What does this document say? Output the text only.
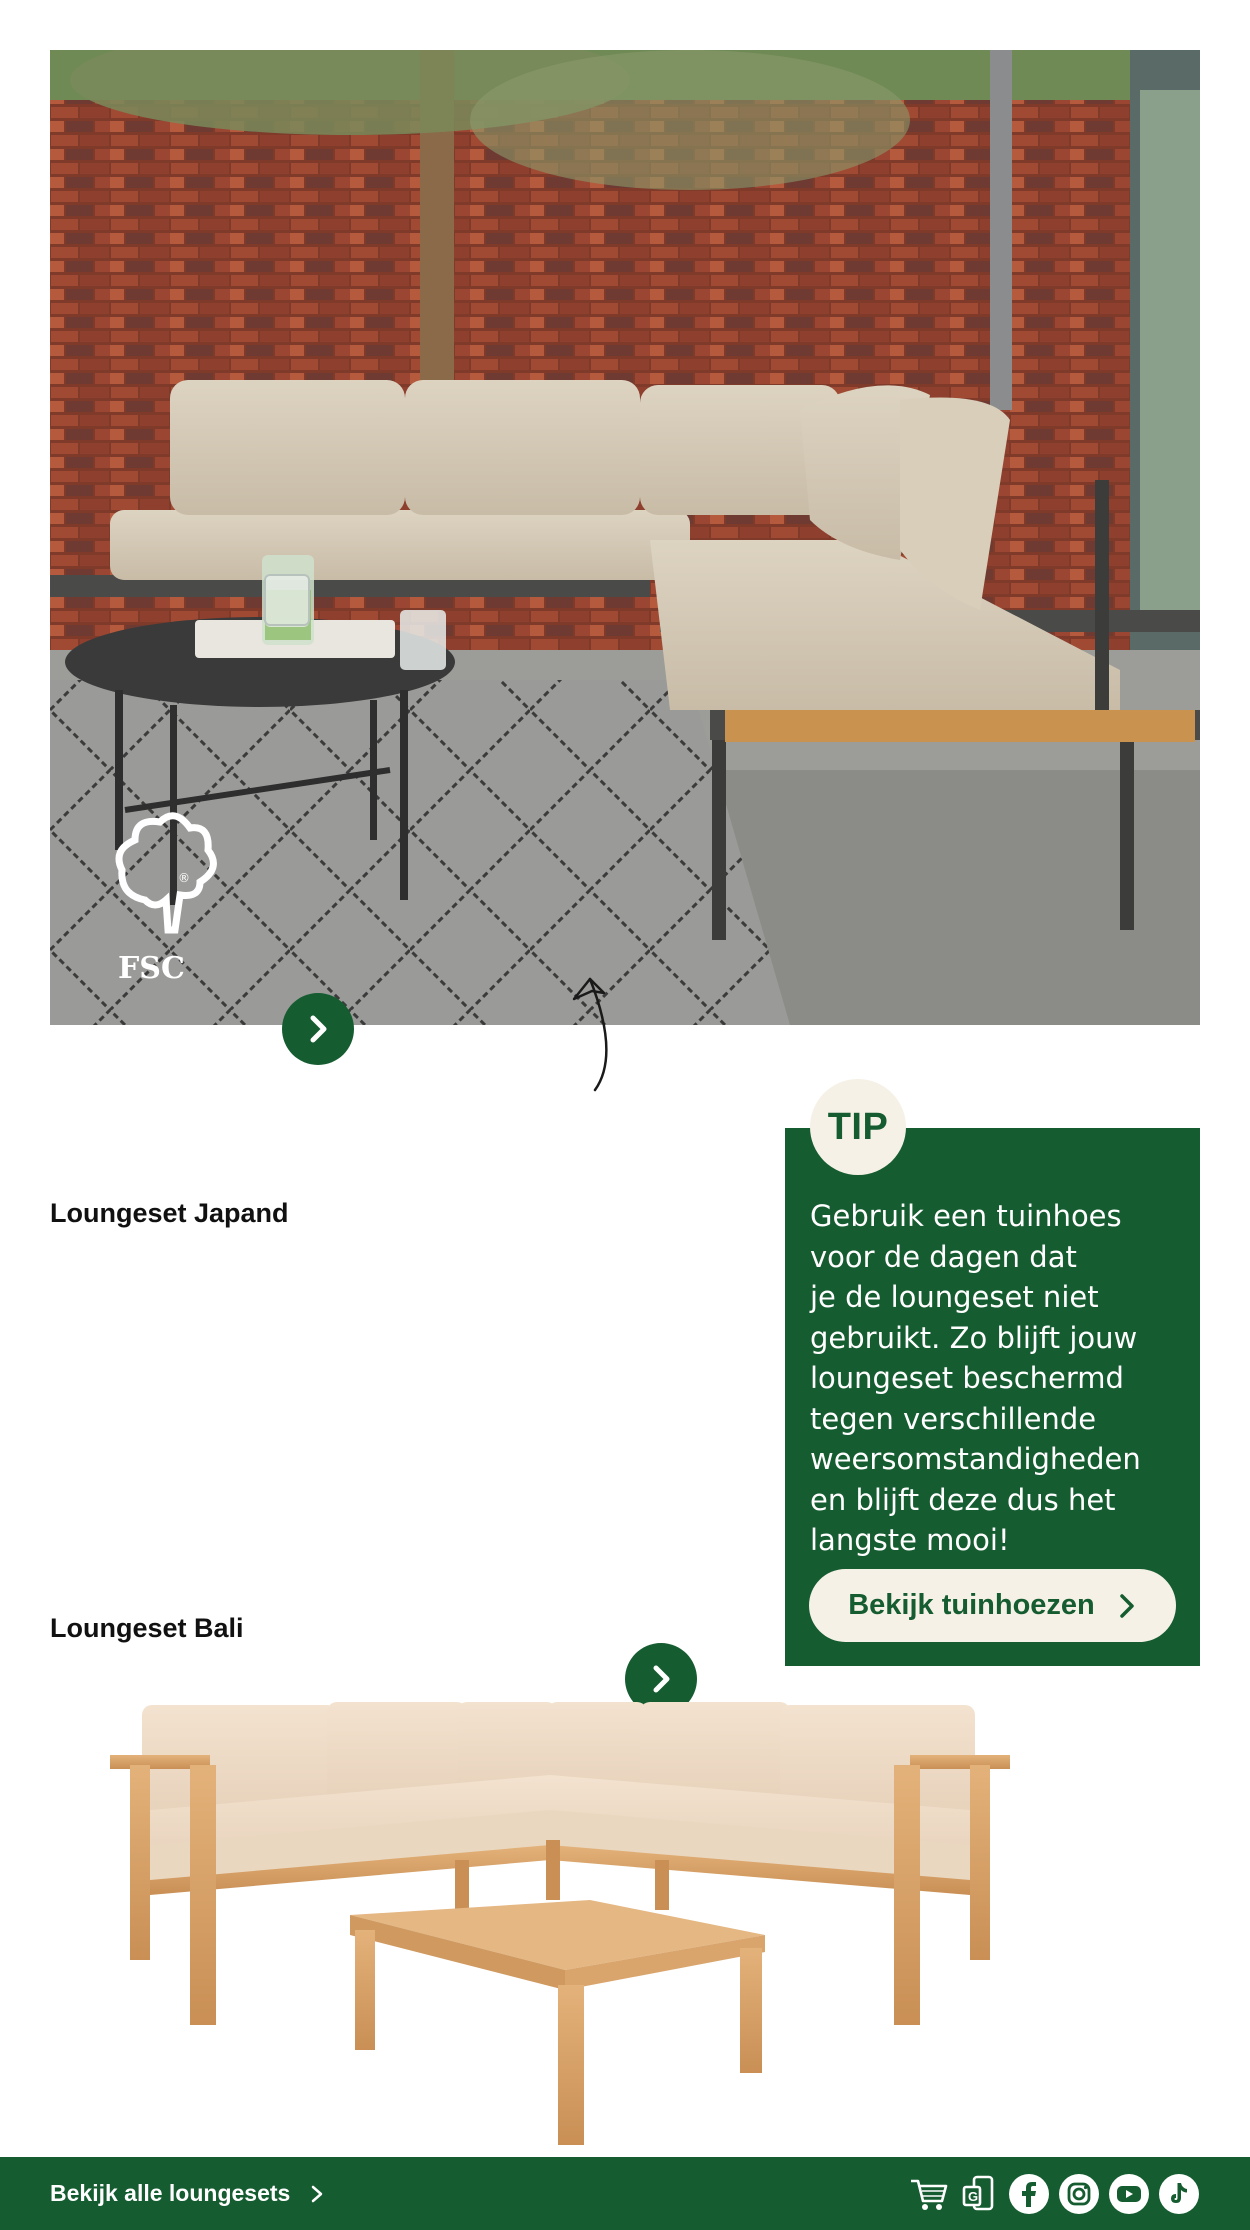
FSC
®
Loungeset Japand
Loungeset Bali
TIP
Gebruik een tuinhoes
voor de dagen dat
je de loungeset niet
gebruikt. Zo blijft jouw
loungeset beschermd
tegen verschillende
weersomstandigheden
en blijft deze dus het
langste mooi!
Bekijk tuinhoezen
Bekijk alle loungesets	G
